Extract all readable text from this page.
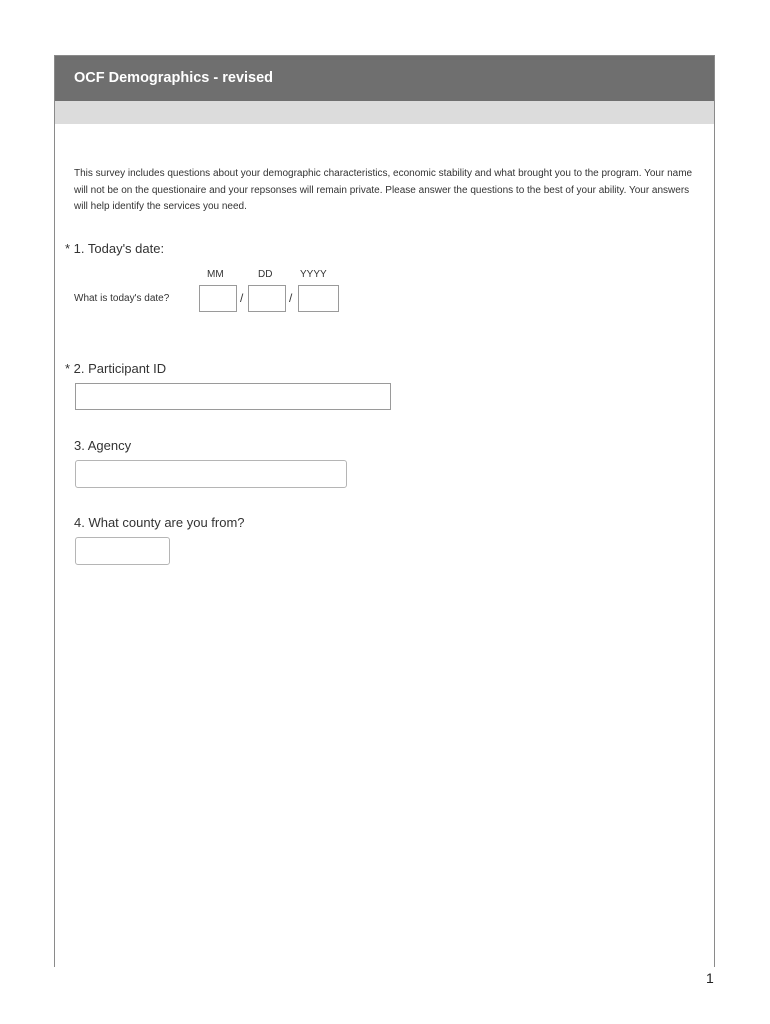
OCF Demographics - revised
This survey includes questions about your demographic characteristics, economic stability and what brought you to the program. Your name will not be on the questionaire and your repsonses will remain private. Please answer the questions to the best of your ability. Your answers will help identify the services you need.
* 1. Today's date:
MM	DD	YYYY
What is today's date?	/	/
* 2. Participant ID
3. Agency
4. What county are you from?
1
